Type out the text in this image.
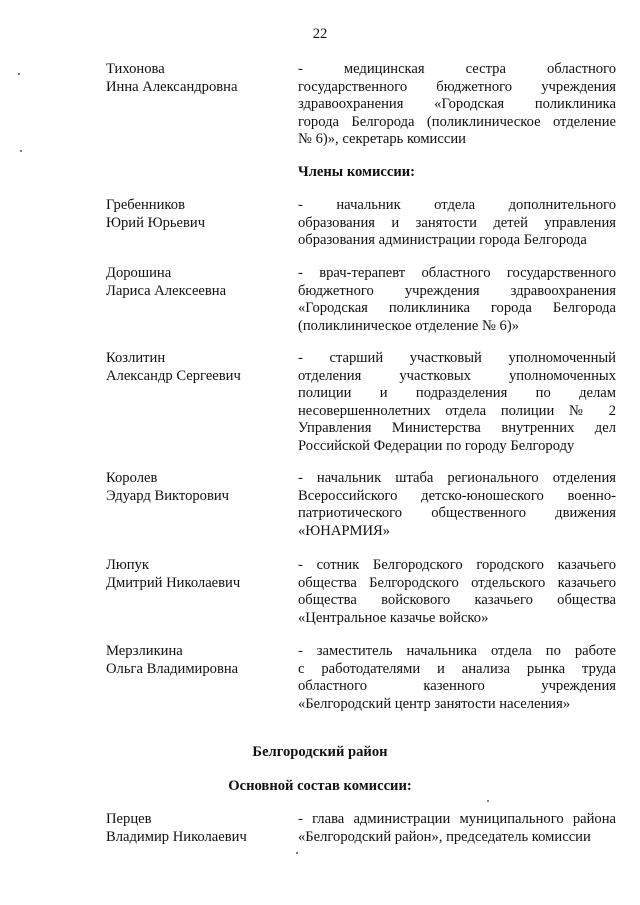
22
Тихонова
Инна Александровна
- медицинская сестра областного
государственного бюджетного учреждения
здравоохранения «Городская поликлиника
города Белгорода (поликлиническое отделение
№ 6)», секретарь комиссии
Члены комиссии:
Гребенников
Юрий Юрьевич
- начальник отдела дополнительного
образования и занятости детей управления
образования администрации города Белгорода
Дорошина
Лариса Алексеевна
- врач-терапевт областного государственного
бюджетного учреждения здравоохранения
«Городская поликлиника города Белгорода
(поликлиническое отделение № 6)»
Козлитин
Александр Сергеевич
- старший участковый уполномоченный
отделения участковых уполномоченных
полиции и подразделения по делам
несовершеннолетних отдела полиции № 2
Управления Министерства внутренних дел
Российской Федерации по городу Белгороду
Королев
Эдуард Викторович
- начальник штаба регионального отделения
Всероссийского детско-юношеского военно-
патриотического общественного движения
«ЮНАРМИЯ»
Люпук
Дмитрий Николаевич
- сотник Белгородского городского казачьего
общества Белгородского отдельского казачьего
общества войскового казачьего общества
«Центральное казачье войско»
Мерзликина
Ольга Владимировна
- заместитель начальника отдела по работе
с работодателями и анализа рынка труда
областного казенного учреждения
«Белгородский центр занятости населения»
Белгородский район
Основной состав комиссии:
Перцев
Владимир Николаевич
- глава администрации муниципального района
«Белгородский район», председатель комиссии
